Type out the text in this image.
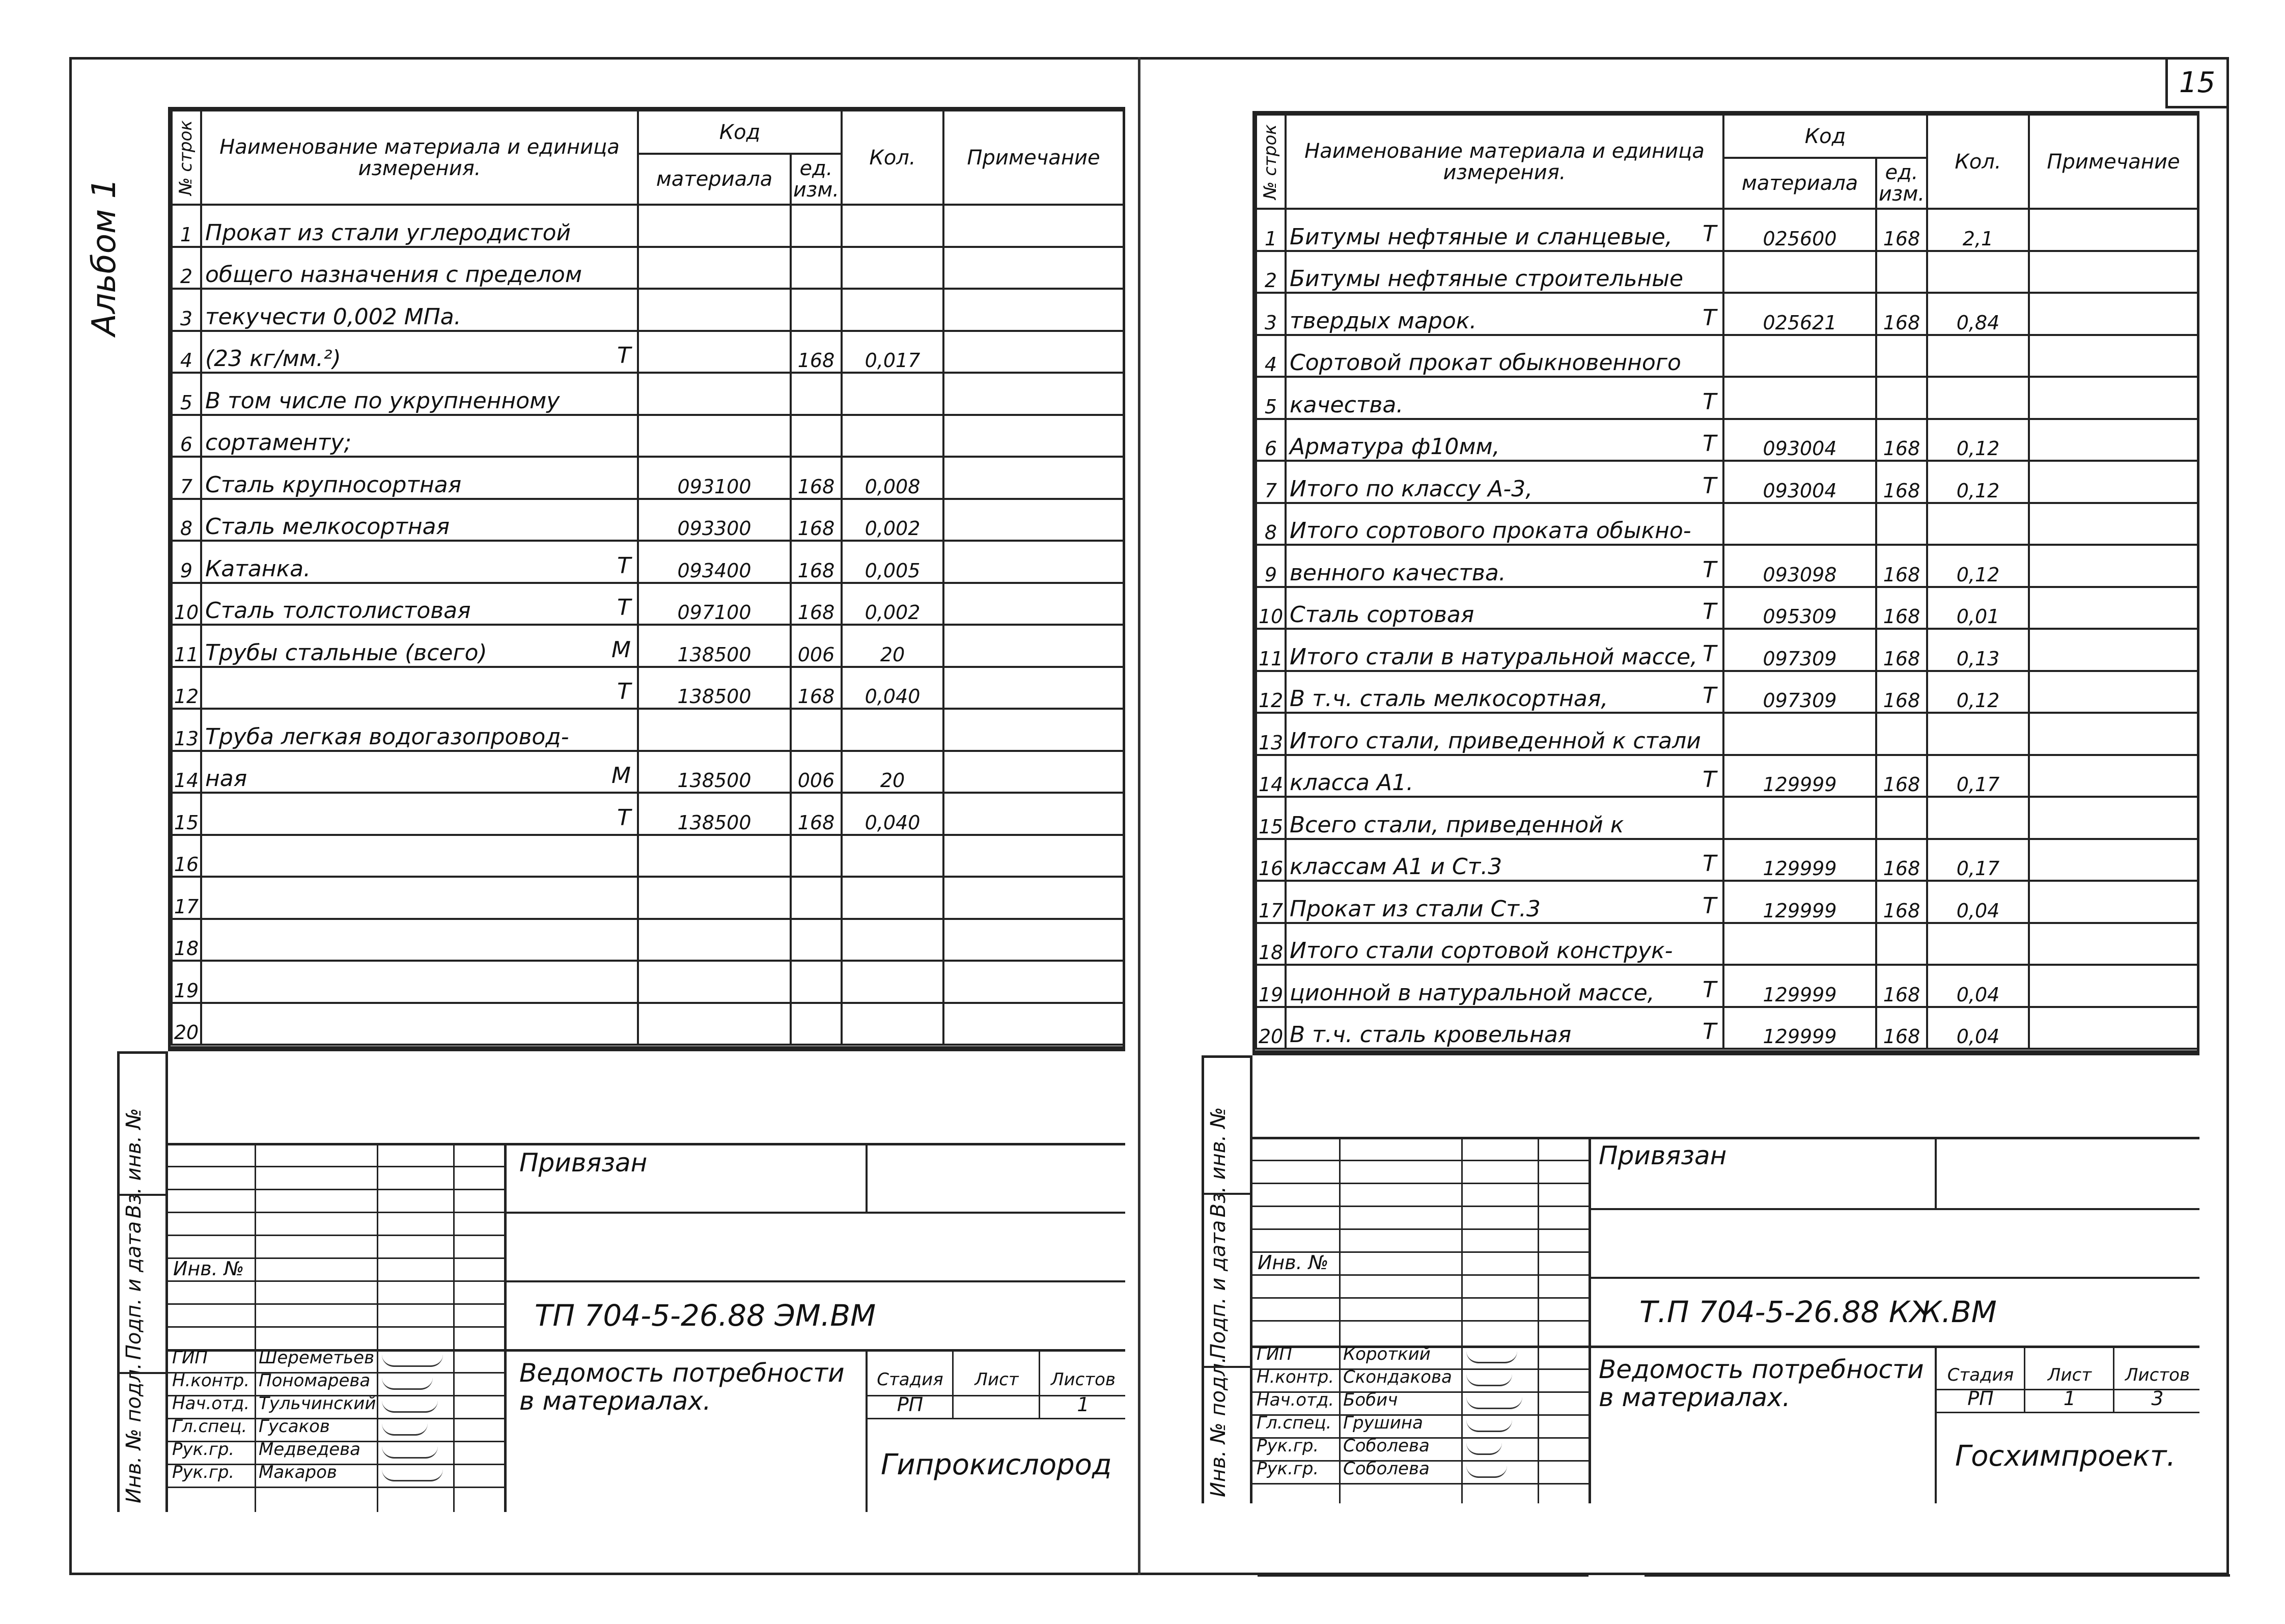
15
Альбом 1
№ строк	Наименование материала и единица измерения.	Код		Кол.	Примечание
		материала	ед. изм.		
1	Прокат из стали углеродистой

2	общего назначения с пределом

3	текучести 0,002 МПа.

4	(23 кг/мм.²) Т		168	0,017	
5	В том числе по укрупненному

6	сортаменту;

7	Сталь крупносортная	093100	168	0,008	
8	Сталь мелкосортная	093300	168	0,002	
9	Катанка. Т	093400	168	0,005	
10	Сталь толстолистовая Т	097100	168	0,002	
11	Трубы стальные (всего) М	138500	006	20	
12	Т	138500	168	0,040	
13	Труба легкая водогазопровод-

14	ная М	138500	006	20	
15	Т	138500	168	0,040	
16	

17	

18	

19	

20	

Вз. инв. №
Подп. и дата
Инв. № подл.
Привязан
Инв. №
ТП 704-5-26.88 ЭМ.ВМ
Ведомость потребности в материалах.
Стадия	Лист	Листов
РП	1
Гипрокислород
ГИП	Шереметьев
Н.контр. Пономарева
Нач.отд. Тульчинский
Гл.спец. Гусаков
Рук.гр. Медведева
Рук.гр. Макаров
№ строк	Наименование материала и единица измерения.	Код		Кол.	Примечание
		материала	ед. изм.		
1	Битумы нефтяные и сланцевые, Т	025600	168	2,1	
2	Битумы нефтяные строительные

3	твердых марок. Т	025621	168	0,84	
4	Сортовой прокат обыкновенного

5	качества. Т				

6	Арматура ф10мм, Т	093004	168	0,12	
7	Итого по классу А-3, Т	093004	168	0,12	
8	Итого сортового проката обыкно-

9	венного качества. Т	093098	168	0,12	
10	Сталь сортовая Т	095309	168	0,01	
11	Итого стали в натуральной массе, Т	097309	168	0,13	
12	В т.ч. сталь мелкосортная, Т	097309	168	0,12	
13	Итого стали, приведенной к стали

14	класса А1. Т	129999	168	0,17	
15	Всего стали, приведенной к

16	классам А1 и Ст.3 Т	129999	168	0,17	
17	Прокат из стали Ст.3 Т	129999	168	0,04	
18	Итого стали сортовой конструк-

19	ционной в натуральной массе, Т	129999	168	0,04	
20	В т.ч. сталь кровельная Т	129999	168	0,04	
Вз. инв. №
Подп. и дата
Инв. № подл.
Привязан
Инв. №
Т.П 704-5-26.88 КЖ.ВМ
Ведомость потребности в материалах.
Стадия	Лист	Листов
РП	1	3
Госхимпроект.
ГИП	Короткий
Н.контр. Скондакова
Нач.отд. Бобич
Гл.спец. Грушина
Рук.гр. Соболева
Рук.гр. Соболева
